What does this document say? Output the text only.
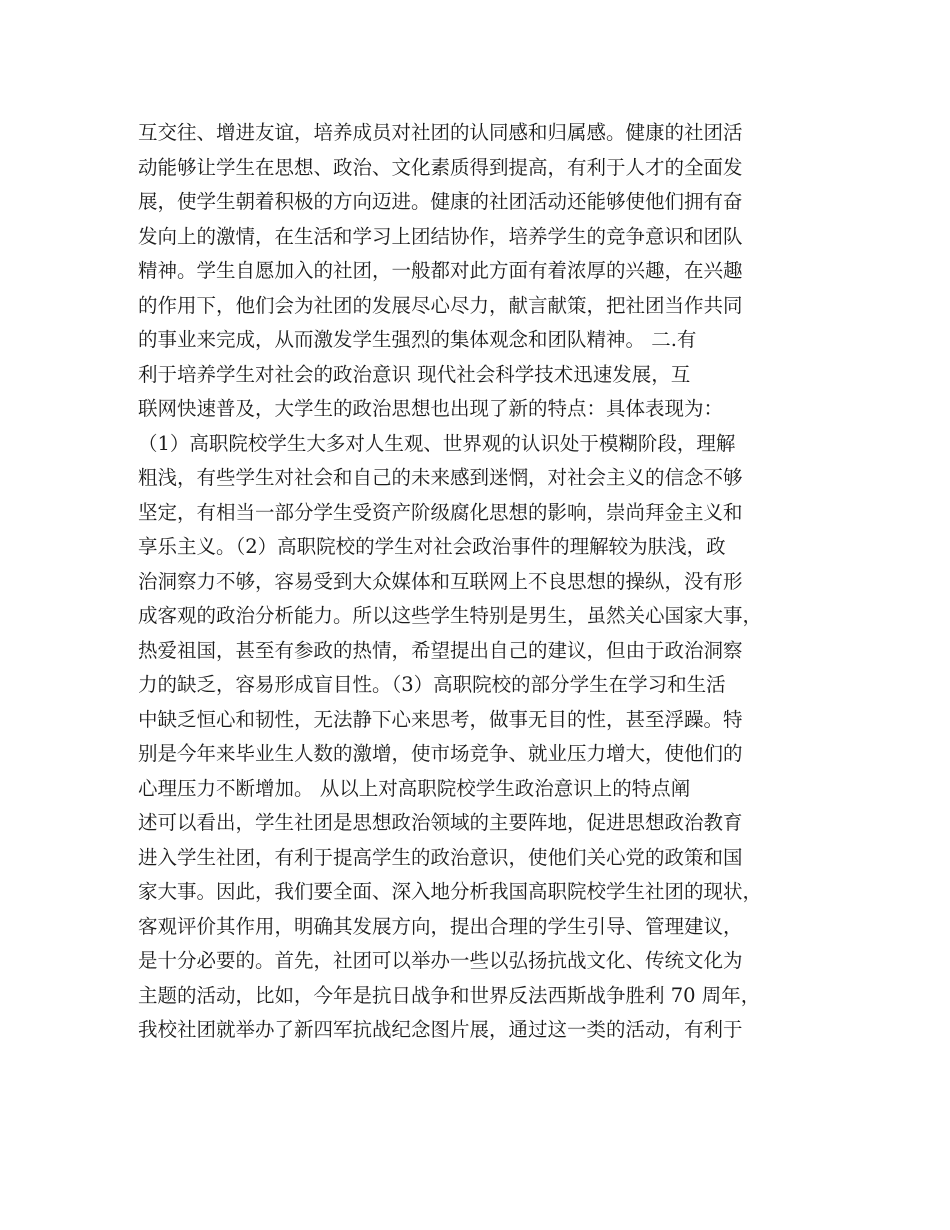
互交往、增进友谊，培养成员对社团的认同感和归属感。健康的社团活
动能够让学生在思想、政治、文化素质得到提高，有利于人才的全面发
展，使学生朝着积极的方向迈进。健康的社团活动还能够使他们拥有奋
发向上的激情，在生活和学习上团结协作，培养学生的竞争意识和团队
精神。学生自愿加入的社团，一般都对此方面有着浓厚的兴趣，在兴趣
的作用下，他们会为社团的发展尽心尽力，献言献策，把社团当作共同
的事业来完成，从而激发学生强烈的集体观念和团队精神。 二.有
利于培养学生对社会的政治意识 现代社会科学技术迅速发展，互
联网快速普及，大学生的政治思想也出现了新的特点：具体表现为：
（1）高职院校学生大多对人生观、世界观的认识处于模糊阶段，理解
粗浅，有些学生对社会和自己的未来感到迷惘，对社会主义的信念不够
坚定，有相当一部分学生受资产阶级腐化思想的影响，崇尚拜金主义和
享乐主义。（2）高职院校的学生对社会政治事件的理解较为肤浅，政
治洞察力不够，容易受到大众媒体和互联网上不良思想的操纵，没有形
成客观的政治分析能力。所以这些学生特别是男生，虽然关心国家大事，
热爱祖国，甚至有参政的热情，希望提出自己的建议，但由于政治洞察
力的缺乏，容易形成盲目性。（3）高职院校的部分学生在学习和生活
中缺乏恒心和韧性，无法静下心来思考，做事无目的性，甚至浮躁。特
别是今年来毕业生人数的激增，使市场竞争、就业压力增大，使他们的
心理压力不断增加。 从以上对高职院校学生政治意识上的特点阐
述可以看出，学生社团是思想政治领域的主要阵地，促进思想政治教育
进入学生社团，有利于提高学生的政治意识，使他们关心党的政策和国
家大事。因此，我们要全面、深入地分析我国高职院校学生社团的现状，
客观评价其作用，明确其发展方向，提出合理的学生引导、管理建议，
是十分必要的。首先，社团可以举办一些以弘扬抗战文化、传统文化为
主题的活动，比如，今年是抗日战争和世界反法西斯战争胜利 70 周年，
我校社团就举办了新四军抗战纪念图片展，通过这一类的活动，有利于
